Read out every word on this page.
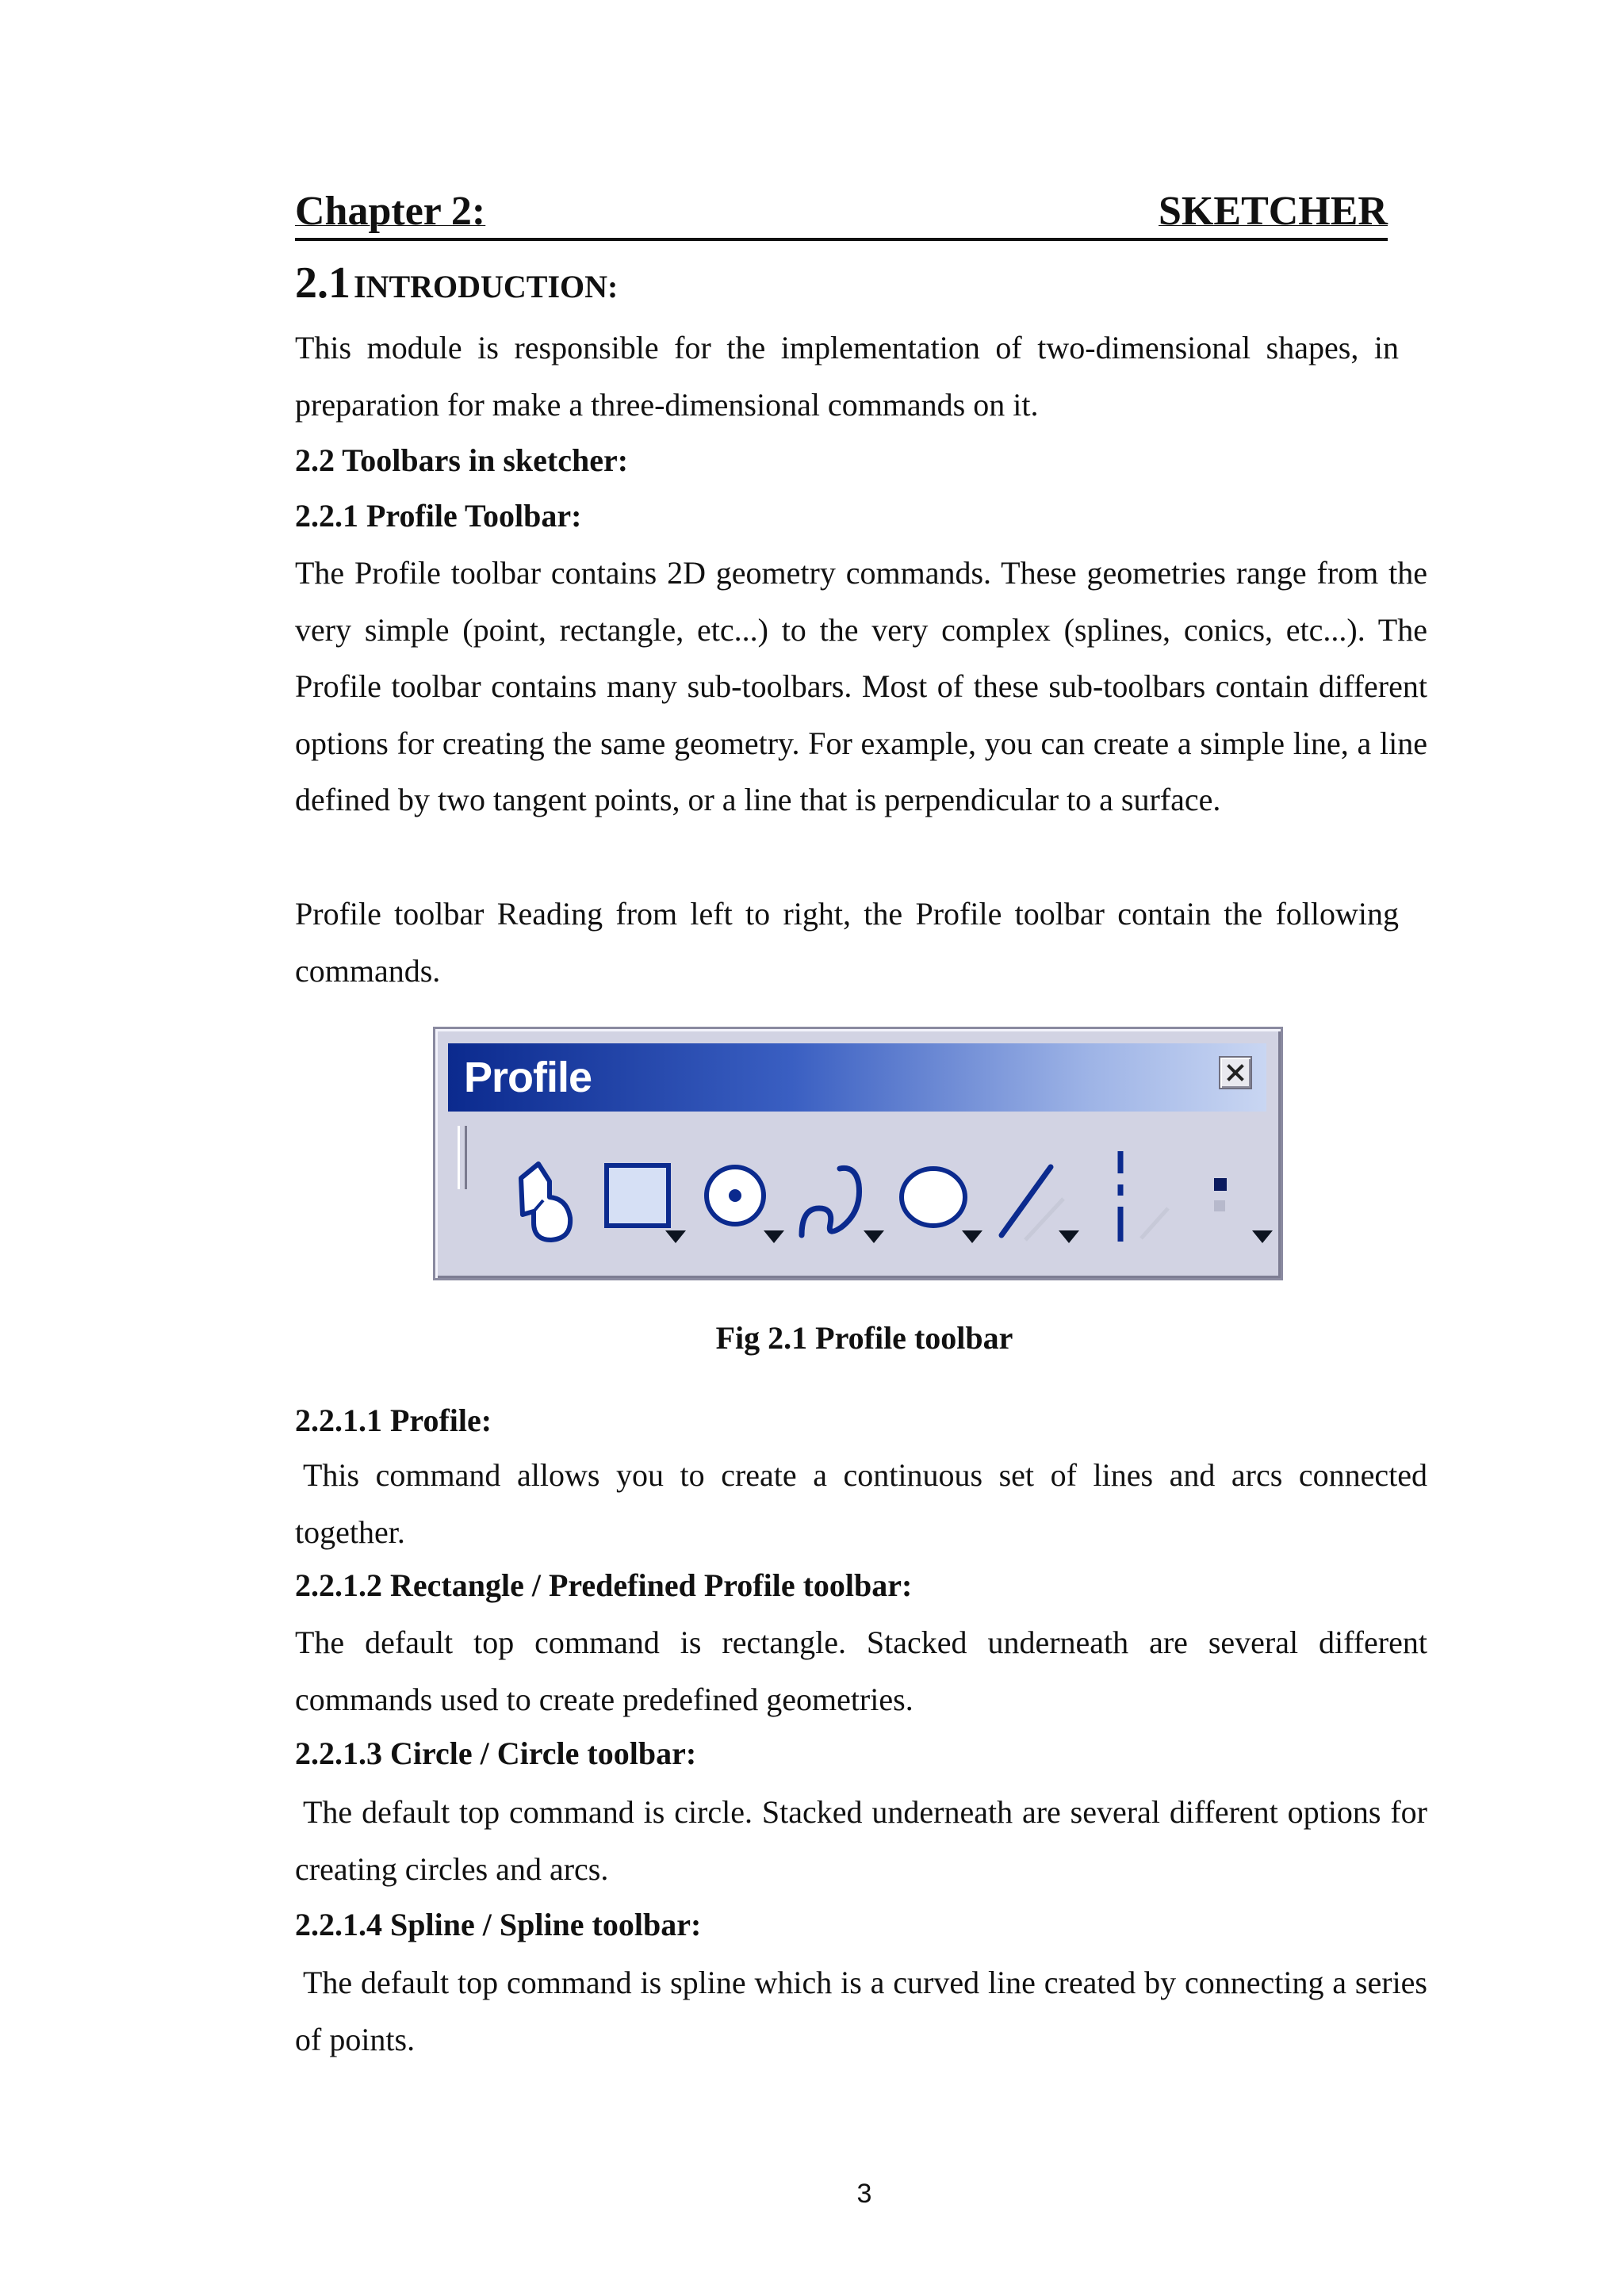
Chapter 2:	SKETCHER
2.1 INTRODUCTION:

This module is responsible for the implementation of two-dimensional shapes, in preparation for make a three-dimensional commands on it.

2.2 Toolbars in sketcher:
2.2.1 Profile Toolbar:

The Profile toolbar contains 2D geometry commands. These geometries range from the very simple (point, rectangle, etc...) to the very complex (splines, conics, etc...). The Profile toolbar contains many sub-toolbars. Most of these sub-toolbars contain different options for creating the same geometry. For example, you can create a simple line, a line defined by two tangent points, or a line that is perpendicular to a surface.

Profile toolbar Reading from left to right, the Profile toolbar contain the following commands.

Profile
Fig 2.1 Profile toolbar
2.2.1.1 Profile:

This command allows you to create a continuous set of lines and arcs connected together.

2.2.1.2 Rectangle / Predefined Profile toolbar:

The default top command is rectangle. Stacked underneath are several different commands used to create predefined geometries.

2.2.1.3 Circle / Circle toolbar:

The default top command is circle. Stacked underneath are several different options for creating circles and arcs.

2.2.1.4 Spline / Spline toolbar:

The default top command is spline which is a curved line created by connecting a series of points.

3
